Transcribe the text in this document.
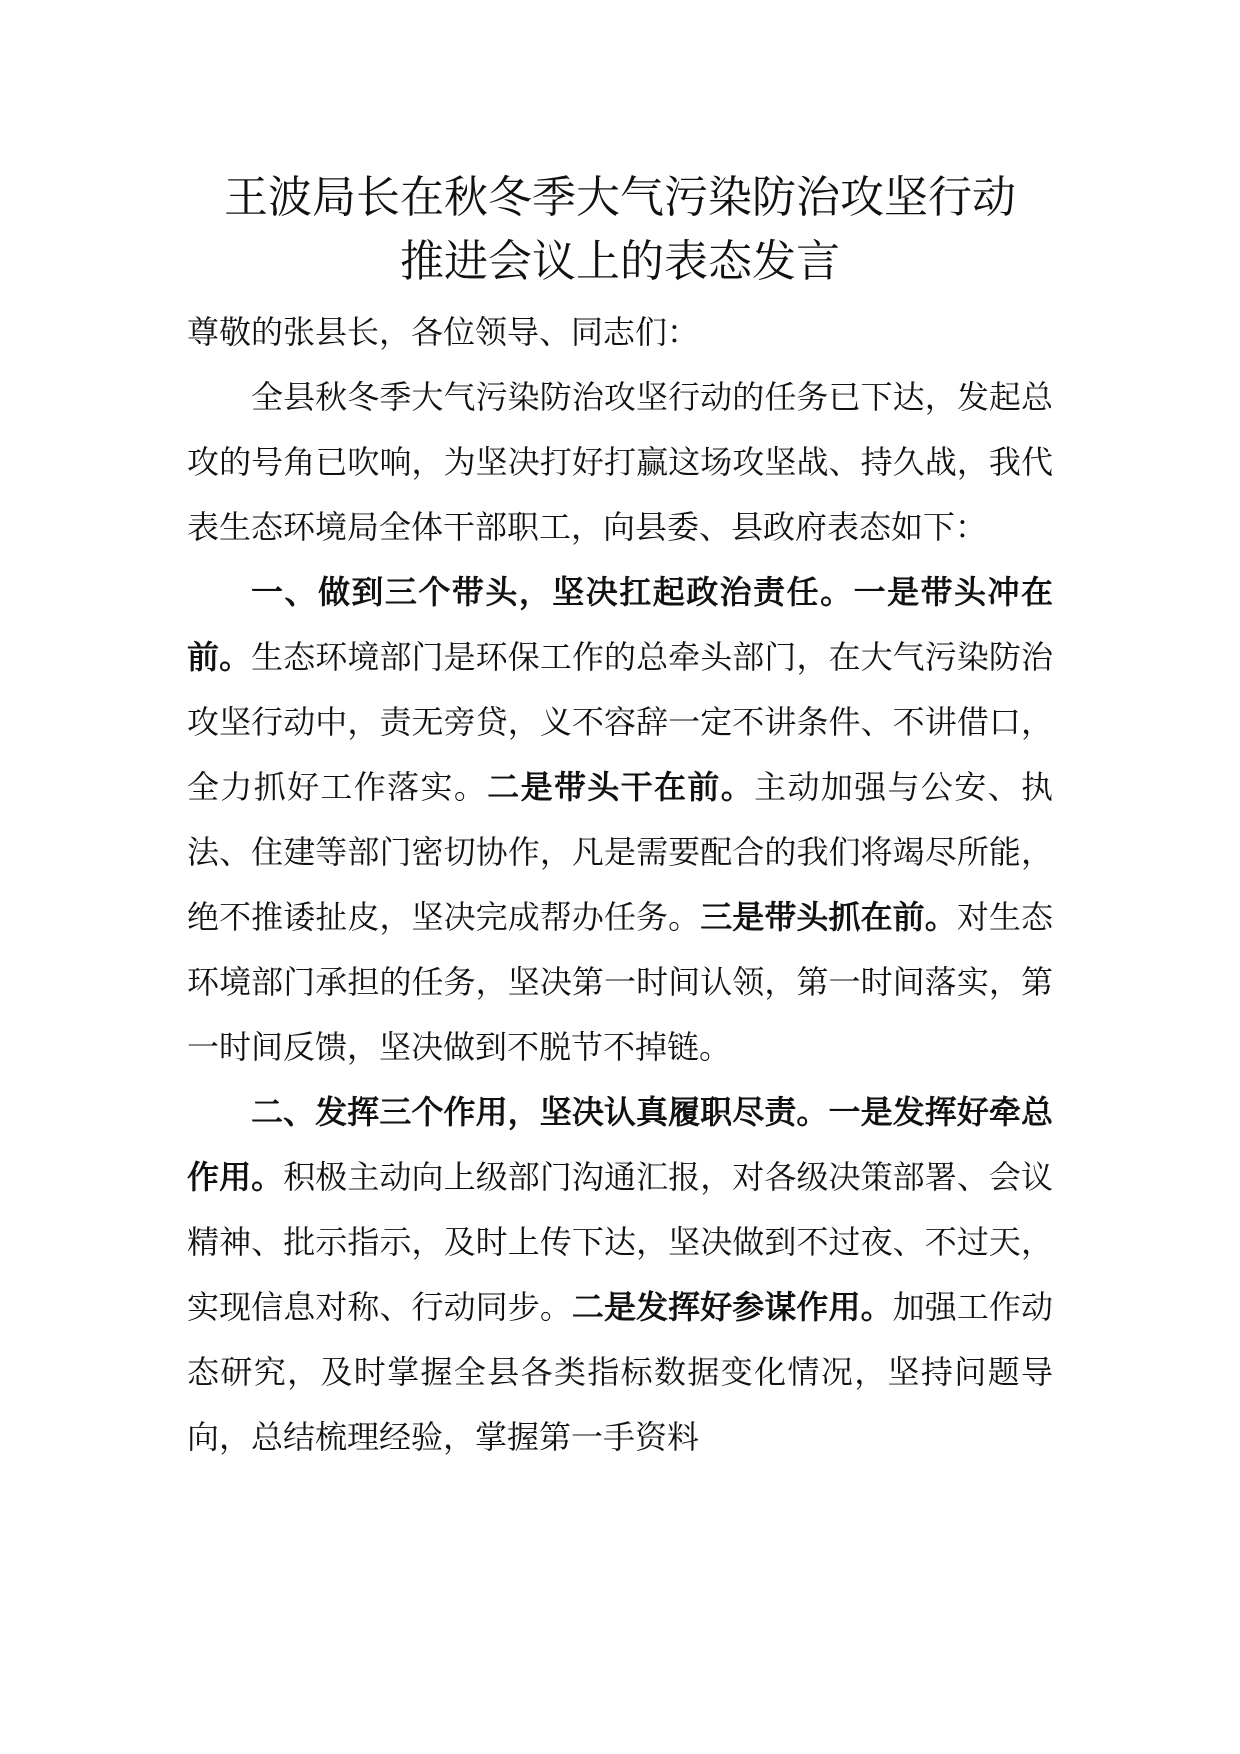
王波局长在秋冬季大气污染防治攻坚行动
推进会议上的表态发言

尊敬的张县长，各位领导、同志们：

全县秋冬季大气污染防治攻坚行动的任务已下达，发起总攻的号角已吹响，为坚决打好打赢这场攻坚战、持久战，我代表生态环境局全体干部职工，向县委、县政府表态如下：

一、做到三个带头，坚决扛起政治责任。一是带头冲在前。生态环境部门是环保工作的总牵头部门，在大气污染防治攻坚行动中，责无旁贷，义不容辞一定不讲条件、不讲借口，全力抓好工作落实。二是带头干在前。主动加强与公安、执法、住建等部门密切协作，凡是需要配合的我们将竭尽所能，绝不推诿扯皮，坚决完成帮办任务。三是带头抓在前。对生态环境部门承担的任务，坚决第一时间认领，第一时间落实，第一时间反馈，坚决做到不脱节不掉链。

二、发挥三个作用，坚决认真履职尽责。一是发挥好牵总作用。积极主动向上级部门沟通汇报，对各级决策部署、会议精神、批示指示，及时上传下达，坚决做到不过夜、不过天，实现信息对称、行动同步。二是发挥好参谋作用。加强工作动态研究，及时掌握全县各类指标数据变化情况，坚持问题导向，总结梳理经验，掌握第一手资料
